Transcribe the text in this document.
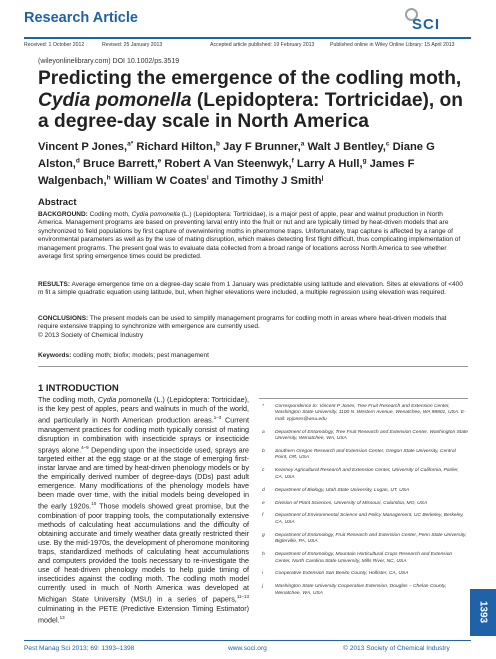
Research Article	SCI
Received: 1 October 2012	Revised: 25 January 2013	Accepted article published: 19 February 2013	Published online in Wiley Online Library: 15 April 2013
(wileyonlinelibrary.com) DOI 10.1002/ps.3519
Predicting the emergence of the codling moth,
Cydia pomonella (Lepidoptera: Tortricidae), on
a degree-day scale in North America
Vincent P Jones,$^{a*}$ Richard Hilton,$^b$ Jay F Brunner,$^a$ Walt J Bentley,$^c$ Diane G Alston,$^d$ Bruce Barrett,$^e$ Robert A Van Steenwyk,$^f$ Larry A Hull,$^g$ James F Walgenbach,$^h$ William W Coates$^i$ and Timothy J Smith$^j$
Abstract

BACKGROUND: Codling moth, Cydia pomonella (L.) (Lepidoptera: Tortricidae), is a major pest of apple, pear and walnut production in North America. Management programs are based on preventing larval entry into the fruit or nut and are typically timed by heat-driven models that are synchronized to field populations by first capture of overwintering moths in pheromone traps. Unfortunately, trap capture is affected by a range of environmental parameters as well as by the use of mating disruption, which makes detecting first flight difficult, thus complicating implementation of management programs. The present goal was to evaluate data collected from a broad range of locations across North America to see whether average first spring emergence times could be predicted.

RESULTS: Average emergence time on a degree-day scale from 1 January was predictable using latitude and elevation. Sites at elevations of <400 m fit a simple quadratic equation using latitude, but, when higher elevations were included, a multiple regression using elevation was required.

CONCLUSIONS: The present models can be used to simplify management programs for codling moth in areas where heat-driven models that require extensive trapping to synchronize with emergence are currently used.
© 2013 Society of Chemical Industry

Keywords: codling moth; biofix; models; pest management
1 INTRODUCTION

The codling moth, Cydia pomonella (L.) (Lepidoptera: Tortricidae), is the key pest of apples, pears and walnuts in much of the world, and particularly in North American production areas.$^{1-3}$ Current management practices for codling moth typically consist of mating disruption in combination with insecticide sprays or insecticide sprays alone.$^{4-9}$ Depending upon the insecticide used, sprays are targeted either at the egg stage or at the stage of emerging first-instar larvae and are timed by heat-driven phenology models or by the empirically derived number of degree-days (DDs) past adult emergence. Many modifications of the phenology models have been made over time, with the initial models being developed in the early 1920s.$^{10}$ Those models showed great promise, but the combination of poor trapping tools, the computationally extensive methods of calculating heat accumulations and the difficulty of obtaining accurate and timely weather data greatly restricted their use. By the mid-1970s, the development of pheromone monitoring traps, standardized methods of calculating heat accumulations and computers provided the tools necessary to re-investigate the use of heat-driven phenology models to help guide timing of insecticides against the codling moth. The codling moth model currently used in much of North America was developed at Michigan State University (MSU) in a series of papers,$^{11-13}$ culminating in the PETE (Predictive Extension Timing Estimator) model.$^{13}$

*	Correspondence to: Vincent P Jones, Tree Fruit Research and Extension Center, Washington State University, 1100 N. Western Avenue, Wenatchee, WA 98801, USA. E-mail: vpjones@wsu.edu
a	Department of Entomology, Tree Fruit Research and Extension Center, Washington State University, Wenatchee, WA, USA
b	Southern Oregon Research and Extension Center, Oregon State University, Central Point, OR, USA
c	Kearney Agricultural Research and Extension Center, University of California, Parlier, CA, USA
d	Department of Biology, Utah State University, Logan, UT, USA
e	Division of Plant Sciences, University of Missouri, Columbia, MO, USA
f	Department of Environmental Science and Policy Management, UC Berkeley, Berkeley, CA, USA
g	Department of Entomology, Fruit Research and Extension Center, Penn State University, Biglerville, PA, USA
h	Department of Entomology, Mountain Horticultural Crops Research and Extension Center, North Carolina State University, Mills River, NC, USA
i	Cooperative Extension San Benito County, Hollister, CA, USA
j	Washington State University Cooperative Extension, Douglas – Chelan County, Wenatchee, WA, USA
1393
Pest Manag Sci 2013; 69: 1393–1398	www.soci.org	© 2013 Society of Chemical Industry
